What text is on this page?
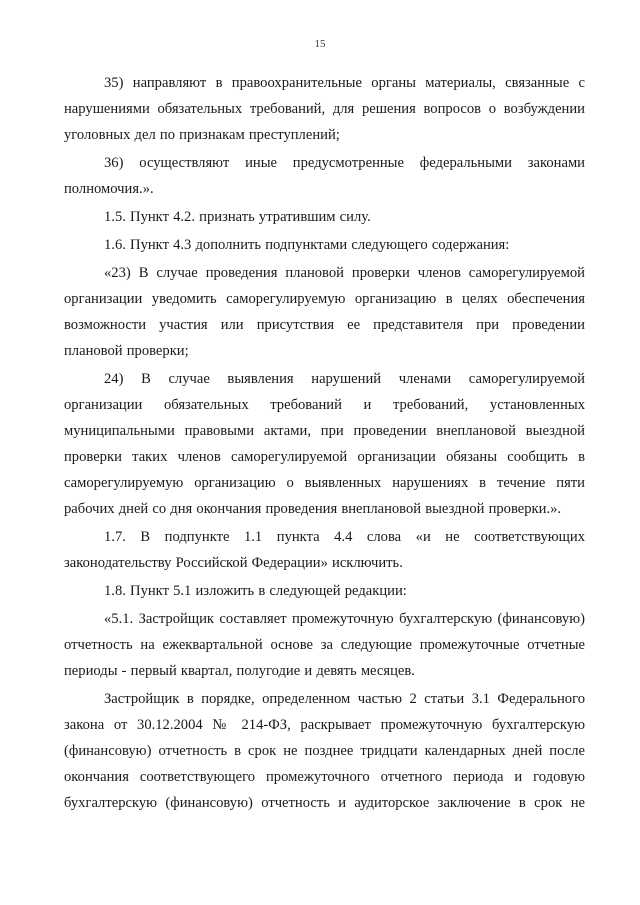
15

35) направляют в правоохранительные органы материалы, связанные с нарушениями обязательных требований, для решения вопросов о возбуждении уголовных дел по признакам преступлений;

36) осуществляют иные предусмотренные федеральными законами полномочия.».

1.5. Пункт 4.2. признать утратившим силу.

1.6. Пункт 4.3 дополнить подпунктами следующего содержания:

«23) В случае проведения плановой проверки членов саморегулируемой организации уведомить саморегулируемую организацию в целях обеспечения возможности участия или присутствия ее представителя при проведении плановой проверки;

24) В случае выявления нарушений членами саморегулируемой организации обязательных требований и требований, установленных муниципальными правовыми актами, при проведении внеплановой выездной проверки таких членов саморегулируемой организации обязаны сообщить в саморегулируемую организацию о выявленных нарушениях в течение пяти рабочих дней со дня окончания проведения внеплановой выездной проверки.».

1.7. В подпункте 1.1 пункта 4.4 слова «и не соответствующих законодательству Российской Федерации» исключить.

1.8. Пункт 5.1 изложить в следующей редакции:

«5.1. Застройщик составляет промежуточную бухгалтерскую (финансовую) отчетность на ежеквартальной основе за следующие промежуточные отчетные периоды - первый квартал, полугодие и девять месяцев.

Застройщик в порядке, определенном частью 2 статьи 3.1 Федерального закона от 30.12.2004 № 214-ФЗ, раскрывает промежуточную бухгалтерскую (финансовую) отчетность в срок не позднее тридцати календарных дней после окончания соответствующего промежуточного отчетного периода и годовую бухгалтерскую (финансовую) отчетность и аудиторское заключение в срок не
